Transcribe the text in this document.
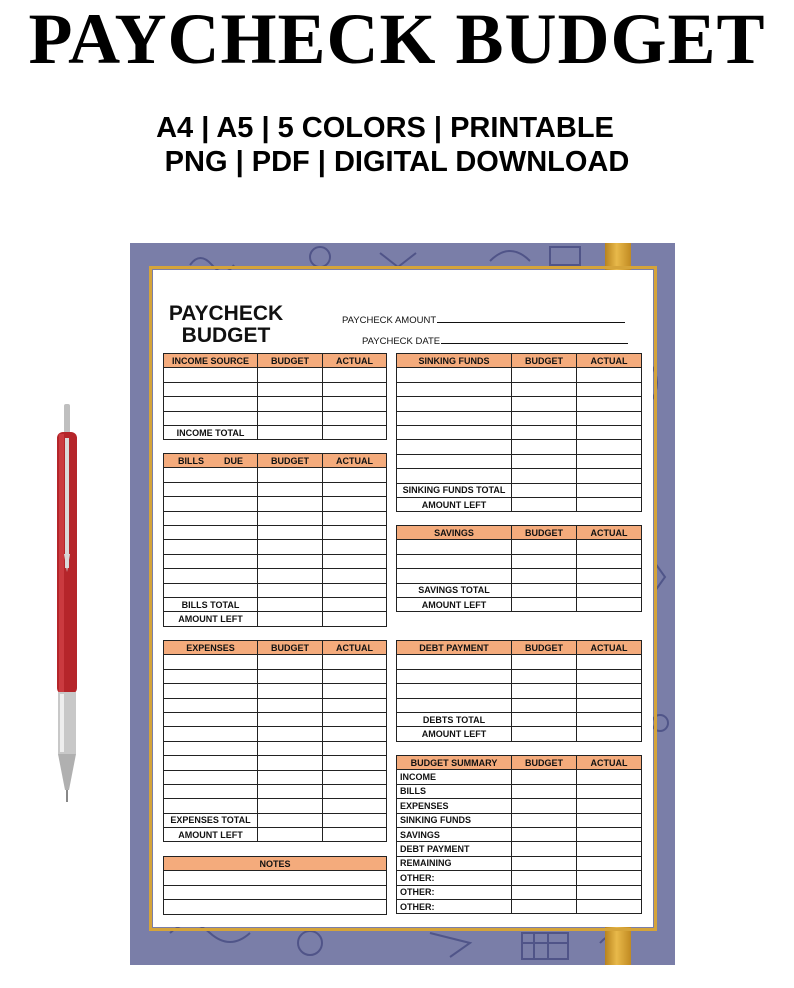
PAYCHECK BUDGET
A4 | A5 | 5 COLORS | PRINTABLE
PNG | PDF | DIGITAL DOWNLOAD
PAYCHECK
BUDGET
PAYCHECK AMOUNT
PAYCHECK DATE
INCOME SOURCE	BUDGET	ACTUAL

INCOME TOTAL		
BILLS DUE	BUDGET	ACTUAL

BILLS TOTAL		
AMOUNT LEFT		
EXPENSES	BUDGET	ACTUAL

EXPENSES TOTAL		
AMOUNT LEFT		
NOTES

SINKING FUNDS	BUDGET	ACTUAL

SINKING FUNDS TOTAL		
AMOUNT LEFT		
SAVINGS	BUDGET	ACTUAL

SAVINGS TOTAL		
AMOUNT LEFT		
DEBT PAYMENT	BUDGET	ACTUAL

DEBTS TOTAL		
AMOUNT LEFT		
BUDGET SUMMARY	BUDGET	ACTUAL
INCOME		
BILLS		
EXPENSES		
SINKING FUNDS		
SAVINGS		
DEBT PAYMENT		
REMAINING		
OTHER:		
OTHER:		
OTHER:		
